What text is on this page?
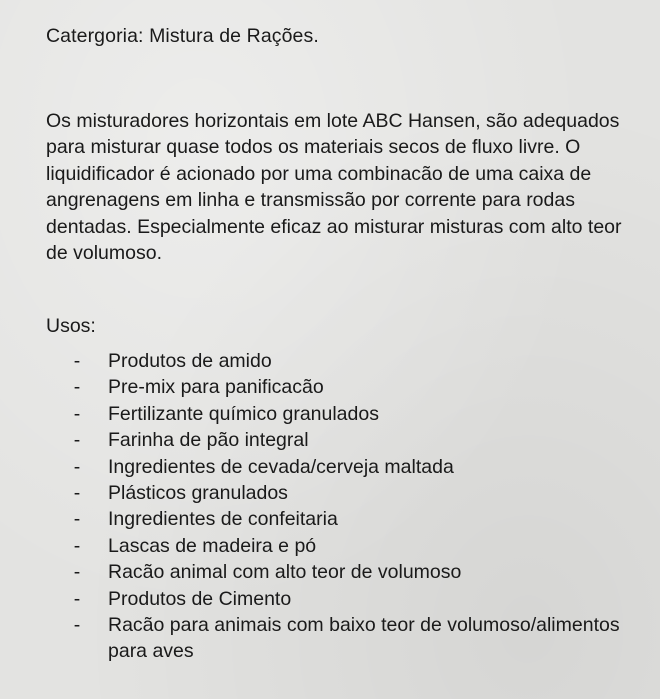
Catergoria: Mistura de Rações.

Os misturadores horizontais em lote ABC Hansen, são adequados para misturar quase todos os materiais secos de fluxo livre. O liquidificador é acionado por uma combinacão de uma caixa de angrenagens em linha e transmissão por corrente para rodas dentadas. Especialmente eficaz ao misturar misturas com alto teor de volumoso.

Usos:
- Produtos de amido
- Pre-mix para panificacão
- Fertilizante químico granulados
- Farinha de pão integral
- Ingredientes de cevada/cerveja maltada
- Plásticos granulados
- Ingredientes de confeitaria
- Lascas de madeira e pó
- Racão animal com alto teor de volumoso
- Produtos de Cimento
- Racão para animais com baixo teor de volumoso/alimentos para aves
